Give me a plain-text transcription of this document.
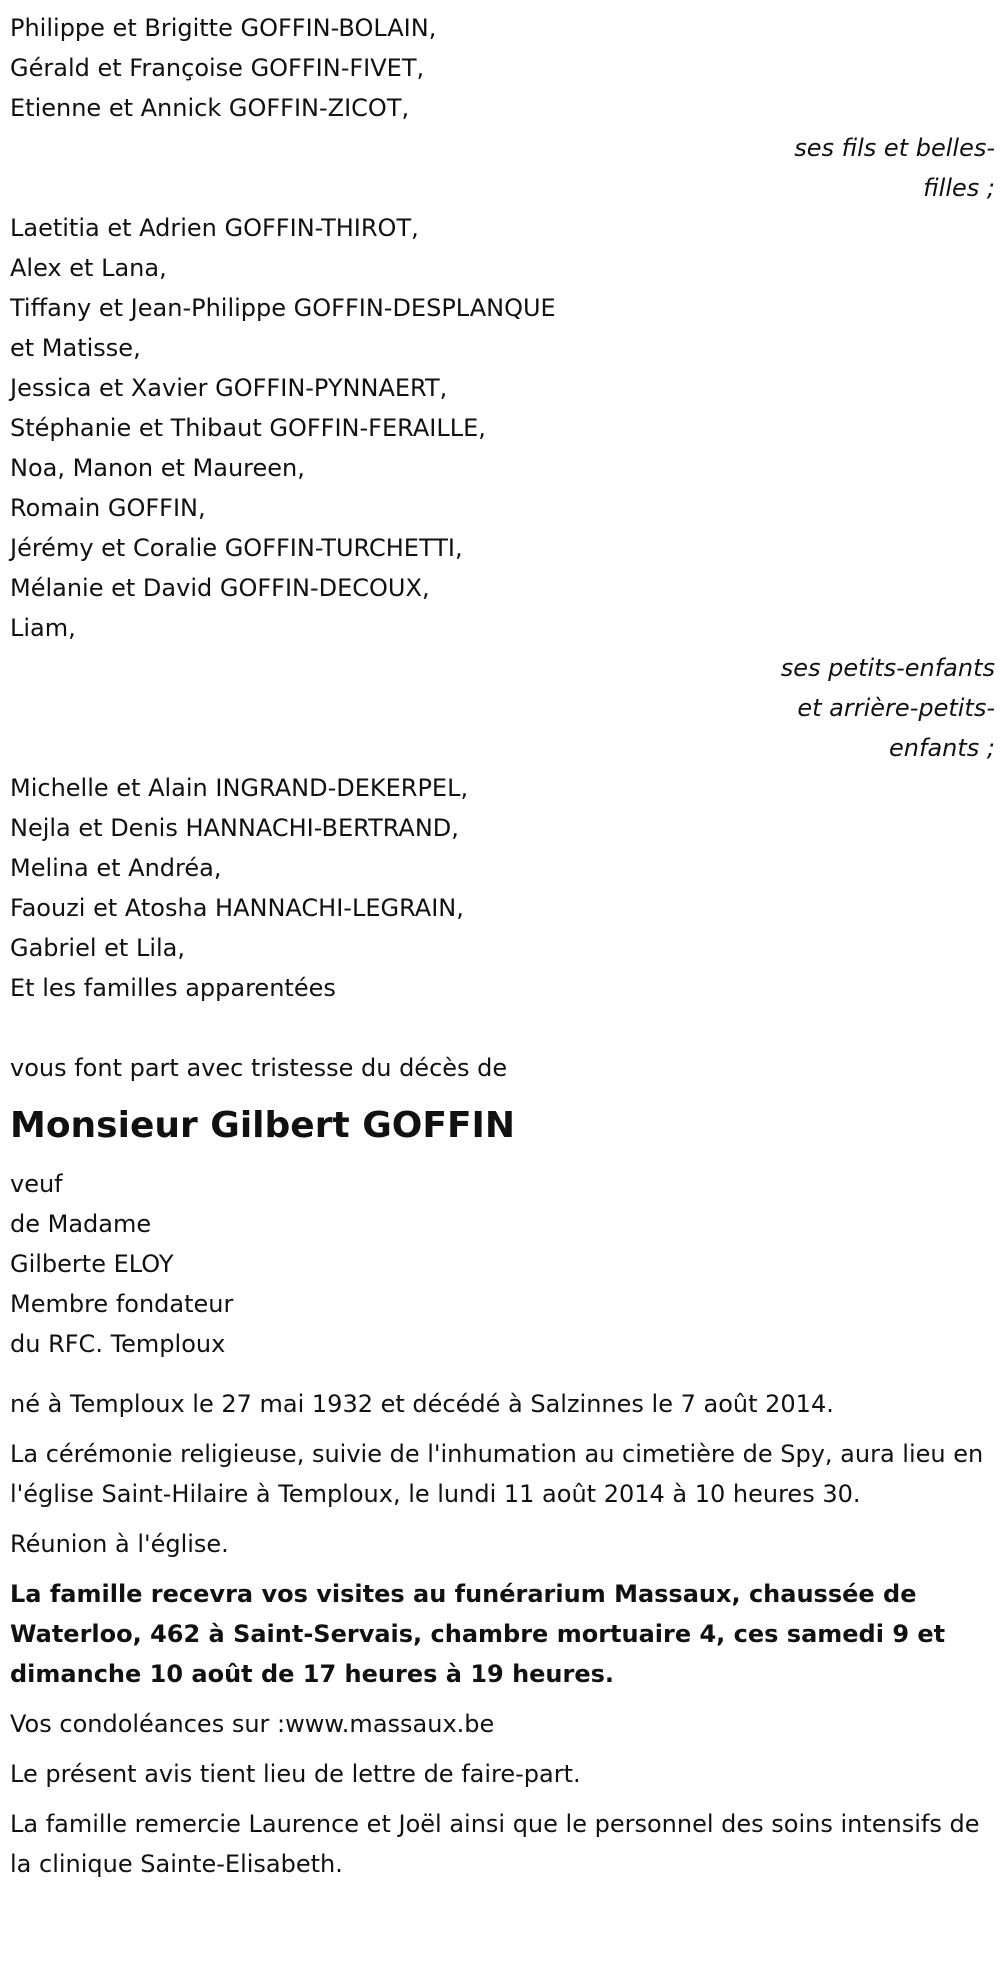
Philippe et Brigitte GOFFIN-BOLAIN,
Gérald et Françoise GOFFIN-FIVET,
Etienne et Annick GOFFIN-ZICOT,
ses fils et belles-
filles ;
Laetitia et Adrien GOFFIN-THIROT,
Alex et Lana,
Tiffany et Jean-Philippe GOFFIN-DESPLANQUE
et Matisse,
Jessica et Xavier GOFFIN-PYNNAERT,
Stéphanie et Thibaut GOFFIN-FERAILLE,
Noa, Manon et Maureen,
Romain GOFFIN,
Jérémy et Coralie GOFFIN-TURCHETTI,
Mélanie et David GOFFIN-DECOUX,
Liam,
ses petits-enfants
et arrière-petits-
enfants ;
Michelle et Alain INGRAND-DEKERPEL,
Nejla et Denis HANNACHI-BERTRAND,
Melina et Andréa,
Faouzi et Atosha HANNACHI-LEGRAIN,
Gabriel et Lila,
Et les familles apparentées
vous font part avec tristesse du décès de
Monsieur Gilbert GOFFIN
veuf
de Madame
Gilberte ELOY
Membre fondateur
du RFC. Temploux

né à Temploux le 27 mai 1932 et décédé à Salzinnes le 7 août 2014.

La cérémonie religieuse, suivie de l'inhumation au cimetière de Spy, aura lieu en l'église Saint-Hilaire à Temploux, le lundi 11 août 2014 à 10 heures 30.

Réunion à l'église.

La famille recevra vos visites au funérarium Massaux, chaussée de Waterloo, 462 à Saint-Servais, chambre mortuaire 4, ces samedi 9 et dimanche 10 août de 17 heures à 19 heures.

Vos condoléances sur :www.massaux.be

Le présent avis tient lieu de lettre de faire-part.

La famille remercie Laurence et Joël ainsi que le personnel des soins intensifs de la clinique Sainte-Elisabeth.
